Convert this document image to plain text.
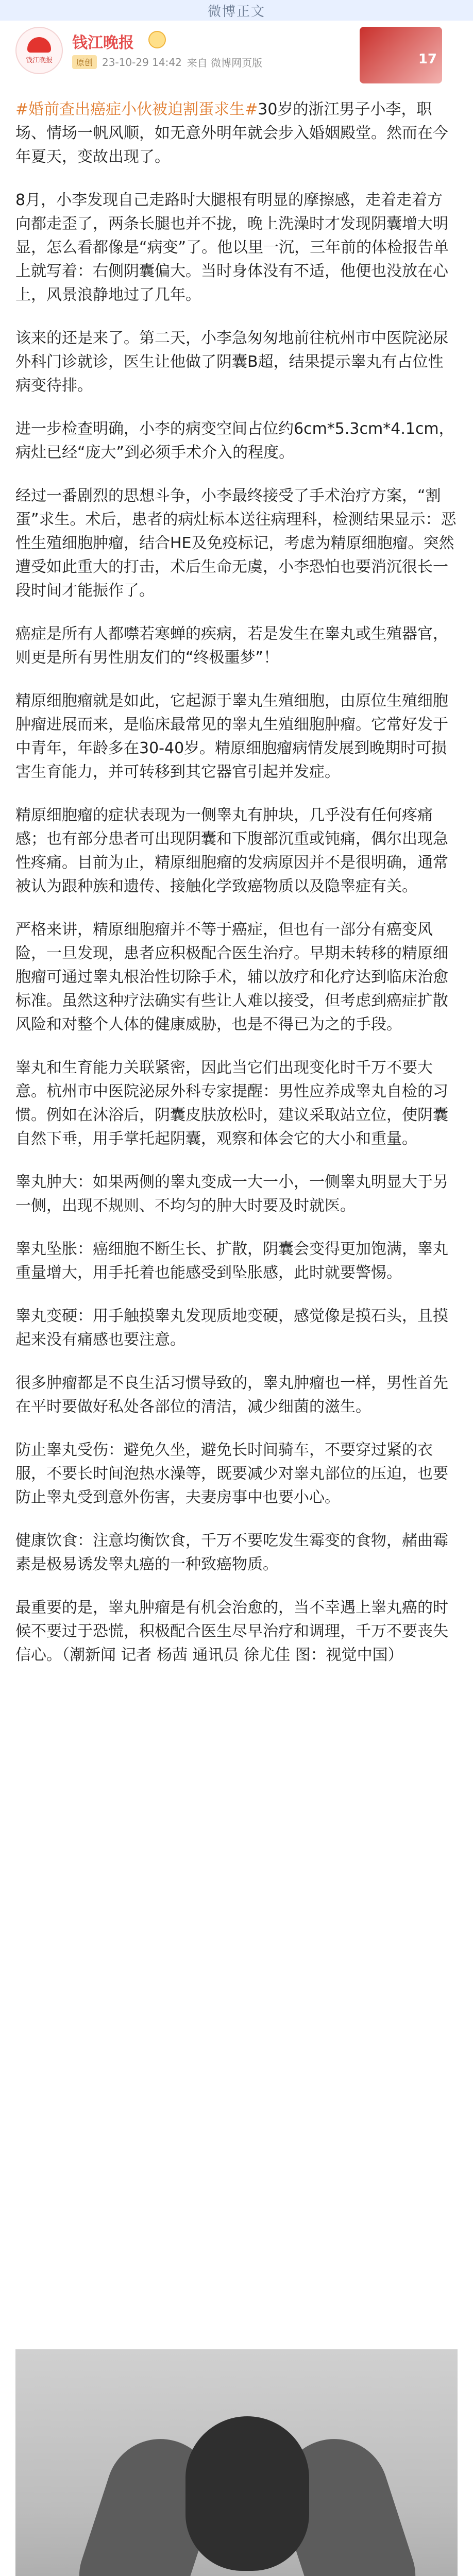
微博正文
钱江晚报
钱江晚报
原创 23-10-29 14:42 来自 微博网页版	17

#婚前查出癌症小伙被迫割蛋求生#30岁的浙江男子小李，职场、情场一帆风顺，如无意外明年就会步入婚姻殿堂。然而在今年夏天，变故出现了。

8月，小李发现自己走路时大腿根有明显的摩擦感，走着走着方向都走歪了，两条长腿也并不拢，晚上洗澡时才发现阴囊增大明显，怎么看都像是“病变”了。他以里一沉，三年前的体检报告单上就写着：右侧阴囊偏大。当时身体没有不适，他便也没放在心上，风景浪静地过了几年。

该来的还是来了。第二天，小李急匆匆地前往杭州市中医院泌尿外科门诊就诊，医生让他做了阴囊B超，结果提示睾丸有占位性病变待排。

进一步检查明确，小李的病变空间占位约6cm*5.3cm*4.1cm，病灶已经“庞大”到必须手术介入的程度。

经过一番剧烈的思想斗争，小李最终接受了手术治疗方案，“割蛋”求生。术后，患者的病灶标本送往病理科，检测结果显示：恶性生殖细胞肿瘤，结合HE及免疫标记，考虑为精原细胞瘤。突然遭受如此重大的打击，术后生命无虞，小李恐怕也要消沉很长一段时间才能振作了。

癌症是所有人都噤若寒蝉的疾病，若是发生在睾丸或生殖器官，则更是所有男性朋友们的“终极噩梦”！

精原细胞瘤就是如此，它起源于睾丸生殖细胞，由原位生殖细胞肿瘤进展而来，是临床最常见的睾丸生殖细胞肿瘤。它常好发于中青年，年龄多在30-40岁。精原细胞瘤病情发展到晚期时可损害生育能力，并可转移到其它器官引起并发症。

精原细胞瘤的症状表现为一侧睾丸有肿块，几乎没有任何疼痛感；也有部分患者可出现阴囊和下腹部沉重或钝痛，偶尔出现急性疼痛。目前为止，精原细胞瘤的发病原因并不是很明确，通常被认为跟种族和遗传、接触化学致癌物质以及隐睾症有关。

严格来讲，精原细胞瘤并不等于癌症，但也有一部分有癌变风险，一旦发现，患者应积极配合医生治疗。早期未转移的精原细胞瘤可通过睾丸根治性切除手术，辅以放疗和化疗达到临床治愈标准。虽然这种疗法确实有些让人难以接受，但考虑到癌症扩散风险和对整个人体的健康威胁，也是不得已为之的手段。

睾丸和生育能力关联紧密，因此当它们出现变化时千万不要大意。杭州市中医院泌尿外科专家提醒：男性应养成睾丸自检的习惯。例如在沐浴后，阴囊皮肤放松时，建议采取站立位，使阴囊自然下垂，用手掌托起阴囊，观察和体会它的大小和重量。

睾丸肿大：如果两侧的睾丸变成一大一小，一侧睾丸明显大于另一侧，出现不规则、不均匀的肿大时要及时就医。

睾丸坠胀：癌细胞不断生长、扩散，阴囊会变得更加饱满，睾丸重量增大，用手托着也能感受到坠胀感，此时就要警惕。

睾丸变硬：用手触摸睾丸发现质地变硬，感觉像是摸石头，且摸起来没有痛感也要注意。

很多肿瘤都是不良生活习惯导致的，睾丸肿瘤也一样，男性首先在平时要做好私处各部位的清洁，减少细菌的滋生。

防止睾丸受伤：避免久坐，避免长时间骑车，不要穿过紧的衣服，不要长时间泡热水澡等，既要减少对睾丸部位的压迫，也要防止睾丸受到意外伤害，夫妻房事中也要小心。

健康饮食：注意均衡饮食，千万不要吃发生霉变的食物，赭曲霉素是极易诱发睾丸癌的一种致癌物质。

最重要的是，睾丸肿瘤是有机会治愈的，当不幸遇上睾丸癌的时候不要过于恐慌，积极配合医生尽早治疗和调理，千万不要丧失信心。（潮新闻 记者 杨茜 通讯员 徐尤佳 图：视觉中国）
